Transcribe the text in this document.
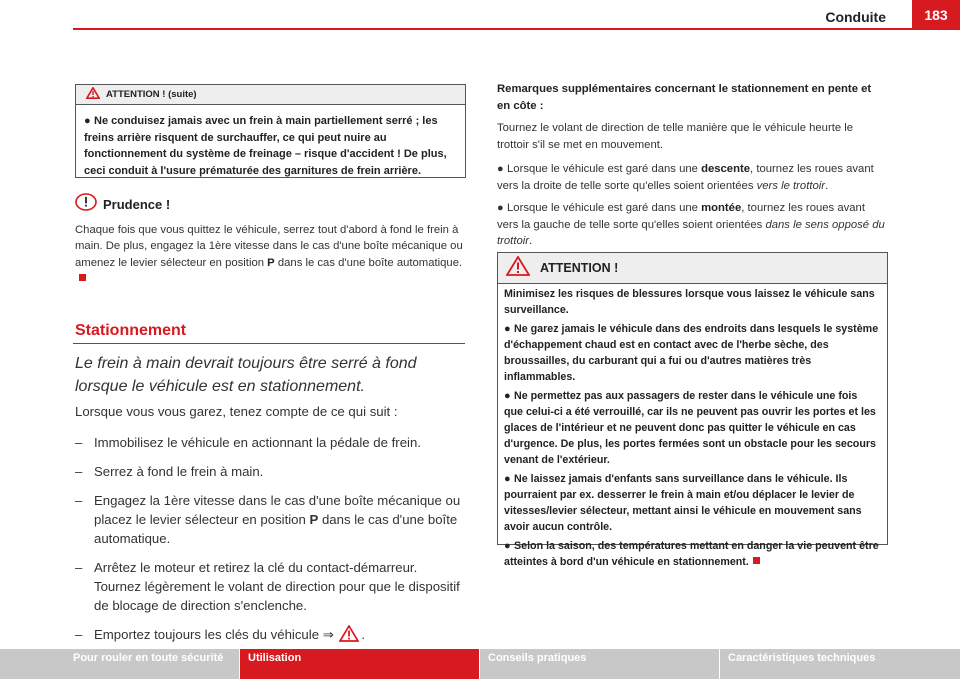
Conduite	183
ATTENTION ! (suite)
● Ne conduisez jamais avec un frein à main partiellement serré ; les freins arrière risquent de surchauffer, ce qui peut nuire au fonctionnement du système de freinage – risque d'accident ! De plus, ceci conduit à l'usure prématurée des garnitures de frein arrière.
Prudence !

Chaque fois que vous quittez le véhicule, serrez tout d'abord à fond le frein à main. De plus, engagez la 1ère vitesse dans le cas d'une boîte mécanique ou amenez le levier sélecteur en position P dans le cas d'une boîte automatique.

Stationnement
Le frein à main devrait toujours être serré à fond lorsque le véhicule est en stationnement.
Lorsque vous vous garez, tenez compte de ce qui suit :
– Immobilisez le véhicule en actionnant la pédale de frein.
– Serrez à fond le frein à main.
– Engagez la 1ère vitesse dans le cas d'une boîte mécanique ou placez le levier sélecteur en position P dans le cas d'une boîte automatique.
– Arrêtez le moteur et retirez la clé du contact-démarreur. Tournez légèrement le volant de direction pour que le dispositif de blocage de direction s'enclenche.
– Emportez toujours les clés du véhicule ⇒ .

Remarques supplémentaires concernant le stationnement en pente et en côte :

Tournez le volant de direction de telle manière que le véhicule heurte le trottoir s'il se met en mouvement.

● Lorsque le véhicule est garé dans une descente, tournez les roues avant vers la droite de telle sorte qu'elles soient orientées vers le trottoir.

● Lorsque le véhicule est garé dans une montée, tournez les roues avant vers la gauche de telle sorte qu'elles soient orientées dans le sens opposé du trottoir.

ATTENTION !

Minimisez les risques de blessures lorsque vous laissez le véhicule sans surveillance.

● Ne garez jamais le véhicule dans des endroits dans lesquels le système d'échappement chaud est en contact avec de l'herbe sèche, des broussailles, du carburant qui a fui ou d'autres matières très inflammables.

● Ne permettez pas aux passagers de rester dans le véhicule une fois que celui-ci a été verrouillé, car ils ne peuvent pas ouvrir les portes et les glaces de l'intérieur et ne peuvent donc pas quitter le véhicule en cas d'urgence. De plus, les portes fermées sont un obstacle pour les secours venant de l'extérieur.

● Ne laissez jamais d'enfants sans surveillance dans le véhicule. Ils pourraient par ex. desserrer le frein à main et/ou déplacer le levier de vitesses/levier sélecteur, mettant ainsi le véhicule en mouvement sans avoir aucun contrôle.

● Selon la saison, des températures mettant en danger la vie peuvent être atteintes à bord d'un véhicule en stationnement.

Pour rouler en toute sécurité	Utilisation	Conseils pratiques	Caractéristiques techniques
